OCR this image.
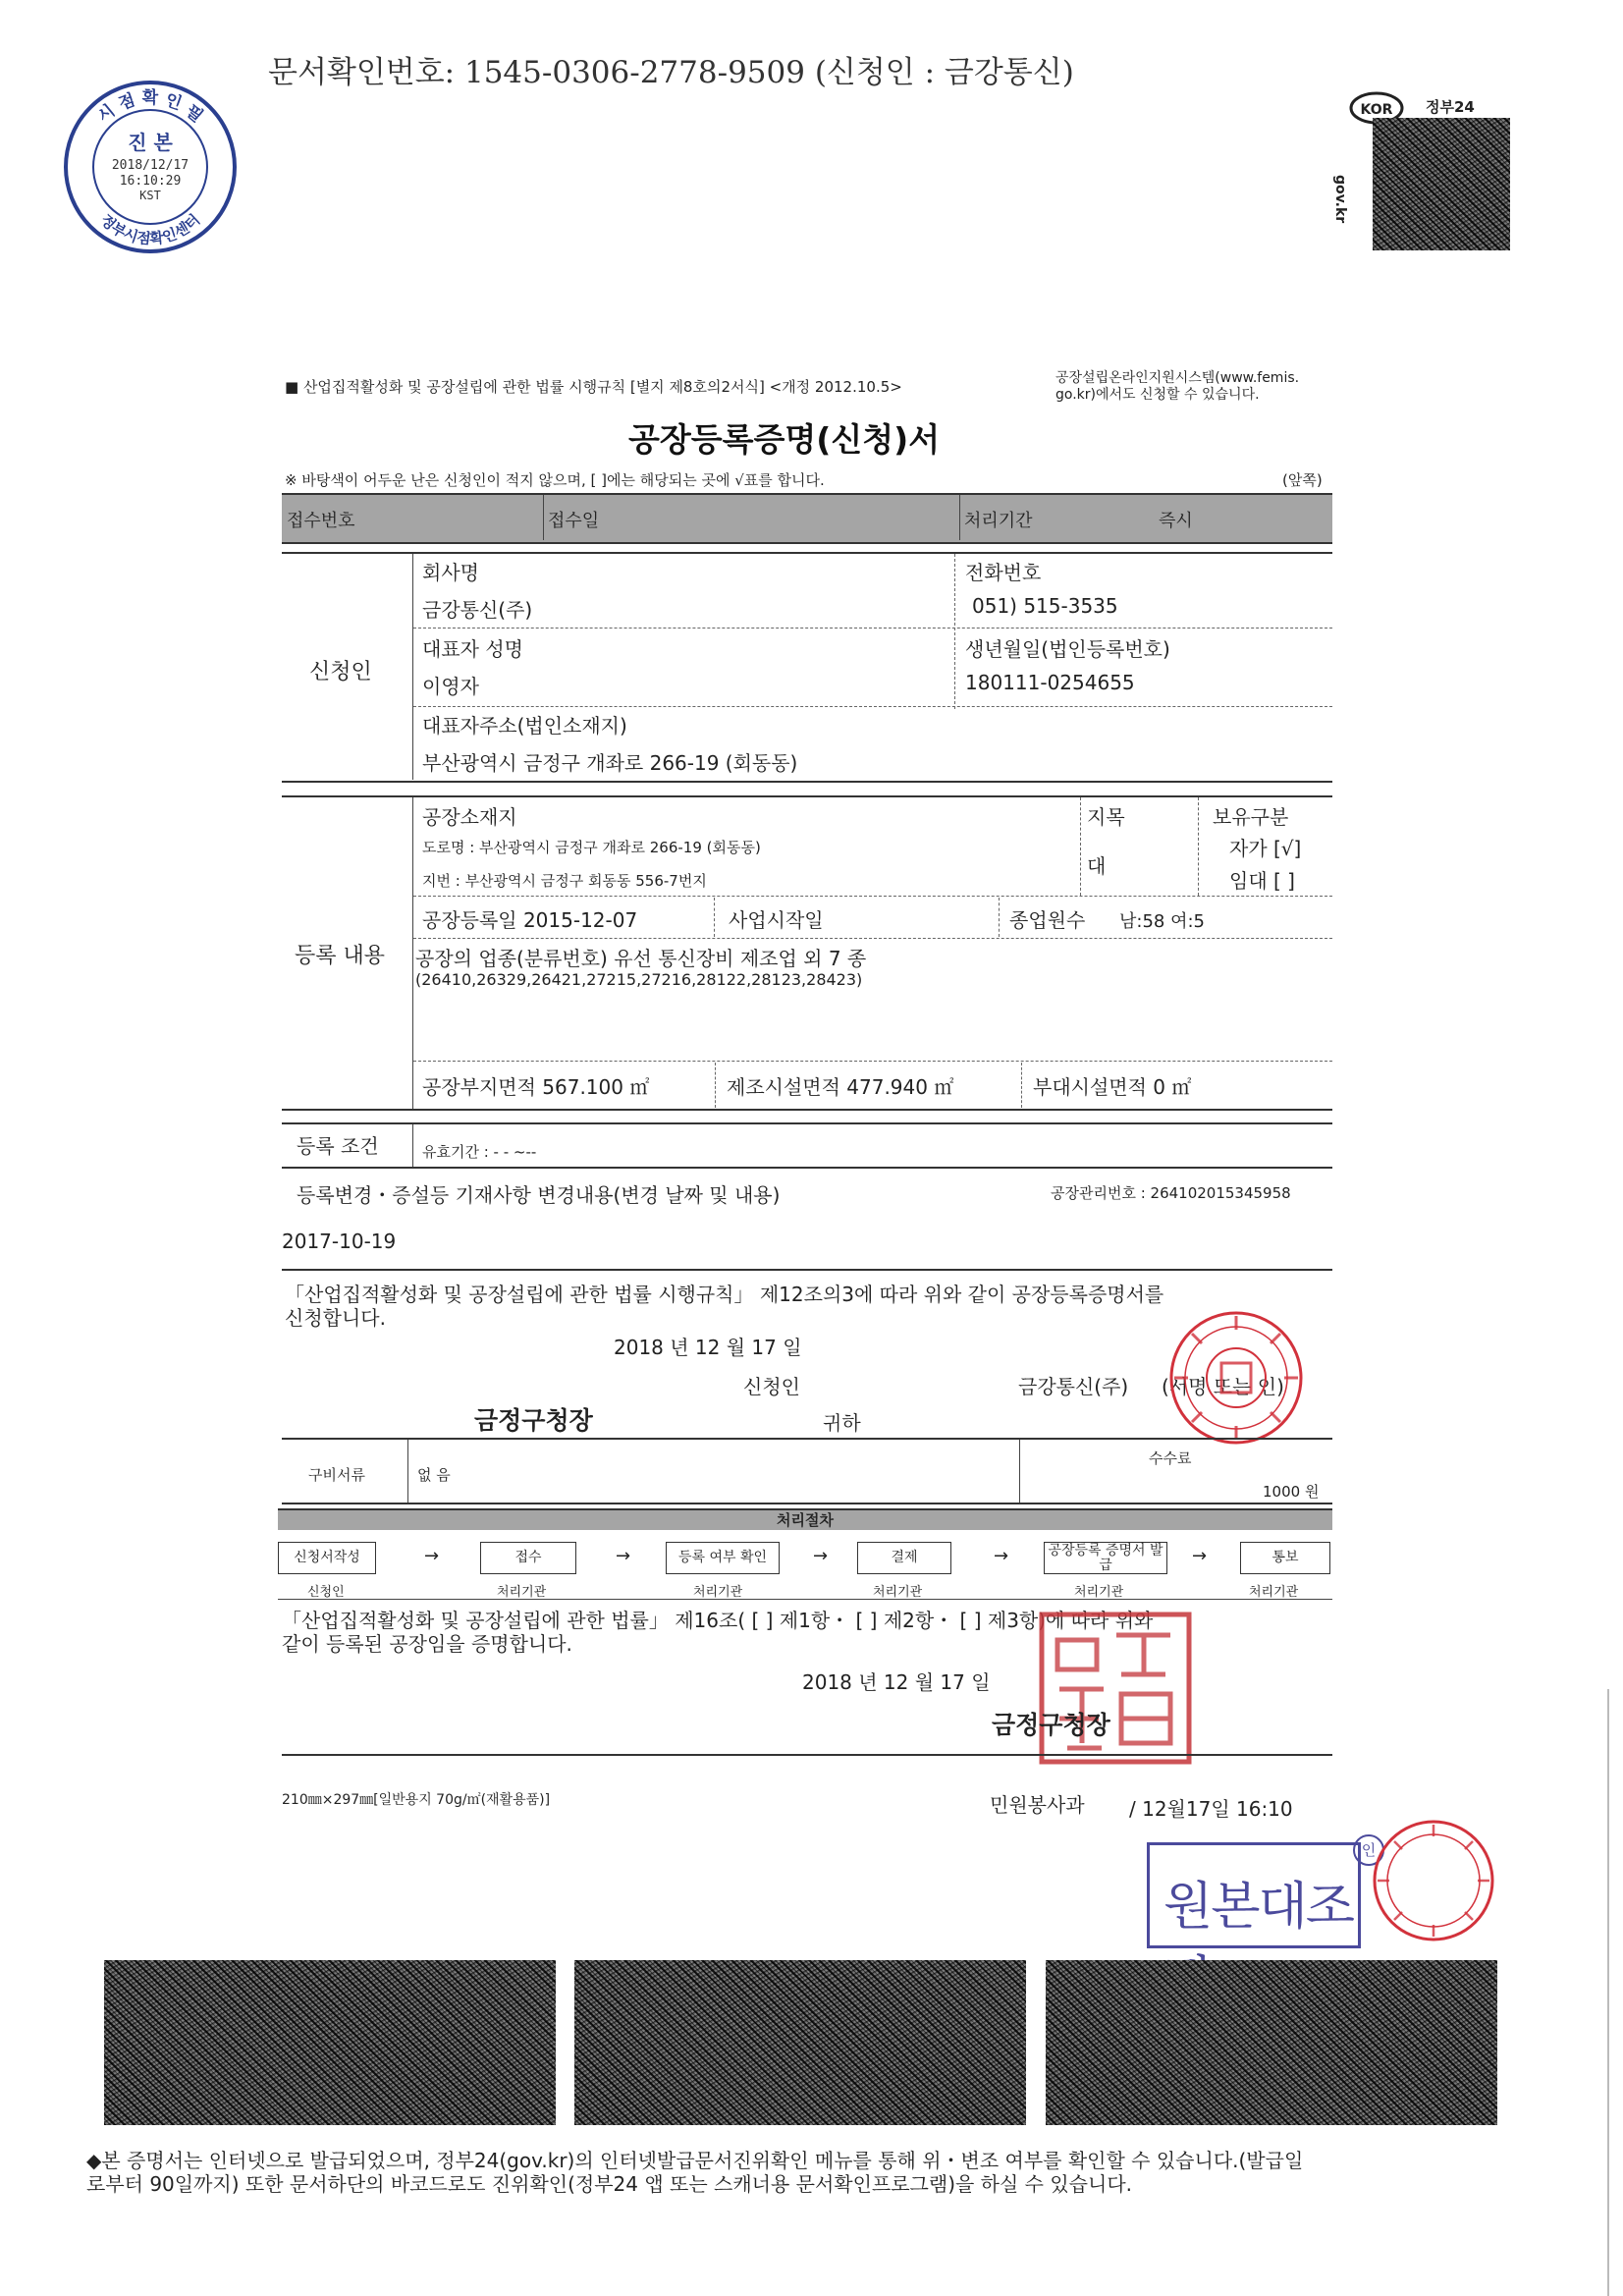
문서확인번호: 1545-0306-2778-9509 (신청인 : 금강통신)
시 점 확 인 필
정부시점확인센터
진 본
2018/12/17
16:10:29
KST
KOR 정부24
gov.kr
■ 산업집적활성화 및 공장설립에 관한 법률 시행규칙 [별지 제8호의2서식] <개정 2012.10.5>	공장설립온라인지원시스템(www.femis.
go.kr)에서도 신청할 수 있습니다.
공장등록증명(신청)서
※ 바탕색이 어두운 난은 신청인이 적지 않으며, [ ]에는 해당되는 곳에 √표를 합니다.	(앞쪽)
접수번호	접수일	처리기간	즉시
신청인
회사명
금강통신(주)
전화번호
051) 515-3535
대표자 성명
이영자
생년월일(법인등록번호)
180111-0254655
대표자주소(법인소재지)
부산광역시 금정구 개좌로 266-19 (회동동)
등록 내용
공장소재지
도로명 : 부산광역시 금정구 개좌로 266-19 (회동동)
지번 : 부산광역시 금정구 회동동 556-7번지
지목
대
보유구분
자가 [√]
임대 [ ]
공장등록일 2015-12-07	사업시작일	종업원수 남:58 여:5
공장의 업종(분류번호) 유선 통신장비 제조업 외 7 종
(26410,26329,26421,27215,27216,28122,28123,28423)
공장부지면적 567.100 ㎡	제조시설면적 477.940 ㎡	부대시설면적 0 ㎡
등록 조건	유효기간 : - - ~--
등록변경・증설등 기재사항 변경내용(변경 날짜 및 내용)	공장관리번호 : 264102015345958
2017-10-19
「산업집적활성화 및 공장설립에 관한 법률 시행규칙」 제12조의3에 따라 위와 같이 공장등록증명서를
신청합니다.
2018 년 12 월 17 일
신청인	금강통신(주) (서명 또는 인)
금정구청장	귀하
구비서류	없 음
수수료
1000 원
처리절차
신청서작성	접수	등록 여부 확인	결제	공장등록 증명서 발급	통보
→	→	→	→	→
신청인	처리기관	처리기관	처리기관	처리기관	처리기관
「산업집적활성화 및 공장설립에 관한 법률」 제16조( [ ] 제1항・ [ ] 제2항・ [ ] 제3항)에 따라 위와
같이 등록된 공장임을 증명합니다.
2018 년 12 월 17 일
금정구청장
210㎜×297㎜[일반용지 70g/㎡(재활용품)]	민원봉사과 / 12월17일 16:10
원본대조
인
◆본 증명서는 인터넷으로 발급되었으며, 정부24(gov.kr)의 인터넷발급문서진위확인 메뉴를 통해 위・변조 여부를 확인할 수 있습니다.(발급일
로부터 90일까지) 또한 문서하단의 바코드로도 진위확인(정부24 앱 또는 스캐너용 문서확인프로그램)을 하실 수 있습니다.
